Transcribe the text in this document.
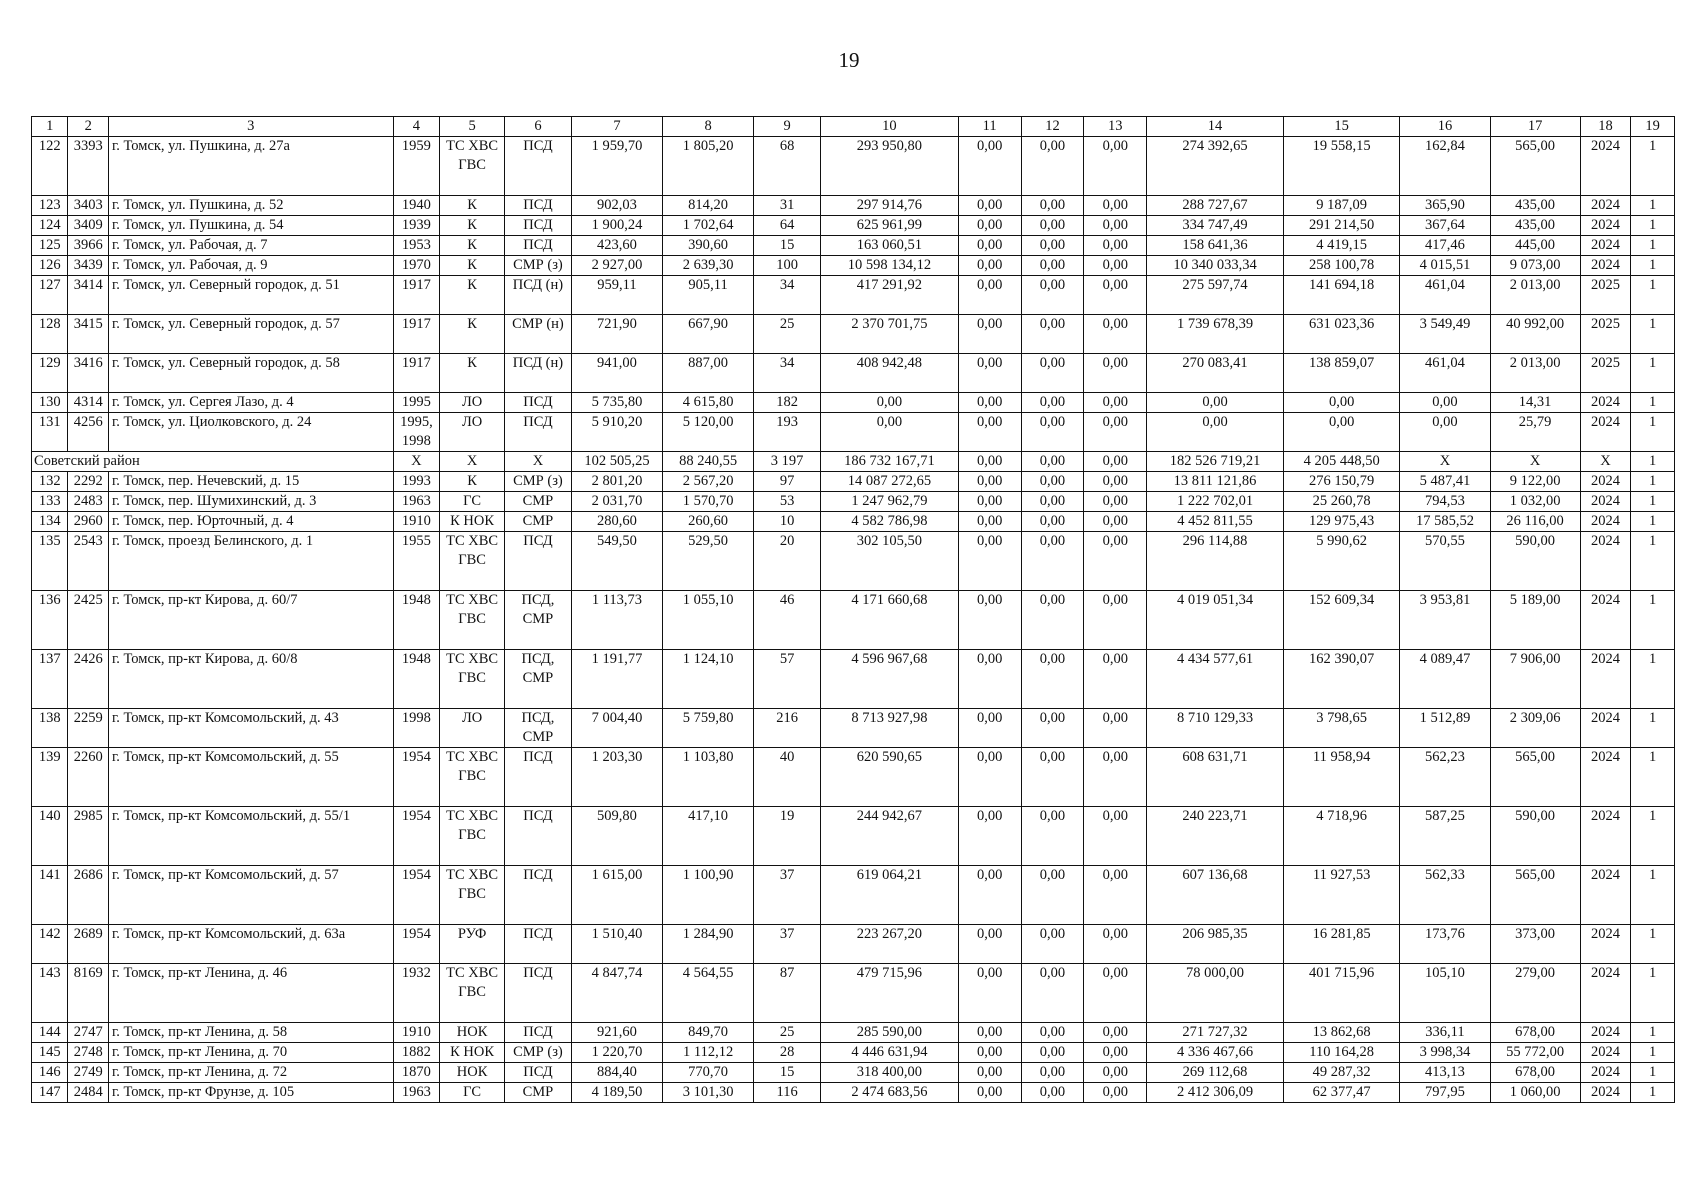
19
1	2	3	4	5	6	7	8	9	10	11	12	13	14	15	16	17	18	19
122	3393	г. Томск, ул. Пушкина, д. 27а	1959	ТС ХВС ГВС	ПСД	1 959,70	1 805,20	68	293 950,80	0,00	0,00	0,00	274 392,65	19 558,15	162,84	565,00	2024	1
123	3403	г. Томск, ул. Пушкина, д. 52	1940	К	ПСД	902,03	814,20	31	297 914,76	0,00	0,00	0,00	288 727,67	9 187,09	365,90	435,00	2024	1
124	3409	г. Томск, ул. Пушкина, д. 54	1939	К	ПСД	1 900,24	1 702,64	64	625 961,99	0,00	0,00	0,00	334 747,49	291 214,50	367,64	435,00	2024	1
125	3966	г. Томск, ул. Рабочая, д. 7	1953	К	ПСД	423,60	390,60	15	163 060,51	0,00	0,00	0,00	158 641,36	4 419,15	417,46	445,00	2024	1
126	3439	г. Томск, ул. Рабочая, д. 9	1970	К	СМР (з)	2 927,00	2 639,30	100	10 598 134,12	0,00	0,00	0,00	10 340 033,34	258 100,78	4 015,51	9 073,00	2024	1
127	3414	г. Томск, ул. Северный городок, д. 51	1917	К	ПСД (н)	959,11	905,11	34	417 291,92	0,00	0,00	0,00	275 597,74	141 694,18	461,04	2 013,00	2025	1
128	3415	г. Томск, ул. Северный городок, д. 57	1917	К	СМР (н)	721,90	667,90	25	2 370 701,75	0,00	0,00	0,00	1 739 678,39	631 023,36	3 549,49	40 992,00	2025	1
129	3416	г. Томск, ул. Северный городок, д. 58	1917	К	ПСД (н)	941,00	887,00	34	408 942,48	0,00	0,00	0,00	270 083,41	138 859,07	461,04	2 013,00	2025	1
130	4314	г. Томск, ул. Сергея Лазо, д. 4	1995	ЛО	ПСД	5 735,80	4 615,80	182	0,00	0,00	0,00	0,00	0,00	0,00	0,00	14,31	2024	1
131	4256	г. Томск, ул. Циолковского, д. 24	1995, 1998	ЛО	ПСД	5 910,20	5 120,00	193	0,00	0,00	0,00	0,00	0,00	0,00	0,00	25,79	2024	1
Советский район			Х	Х	Х	102 505,25	88 240,55	3 197	186 732 167,71	0,00	0,00	0,00	182 526 719,21	4 205 448,50	Х	Х	Х	1
132	2292	г. Томск, пер. Нечевский, д. 15	1993	К	СМР (з)	2 801,20	2 567,20	97	14 087 272,65	0,00	0,00	0,00	13 811 121,86	276 150,79	5 487,41	9 122,00	2024	1
133	2483	г. Томск, пер. Шумихинский, д. 3	1963	ГС	СМР	2 031,70	1 570,70	53	1 247 962,79	0,00	0,00	0,00	1 222 702,01	25 260,78	794,53	1 032,00	2024	1
134	2960	г. Томск, пер. Юрточный, д. 4	1910	К НОК	СМР	280,60	260,60	10	4 582 786,98	0,00	0,00	0,00	4 452 811,55	129 975,43	17 585,52	26 116,00	2024	1
135	2543	г. Томск, проезд Белинского, д. 1	1955	ТС ХВС ГВС	ПСД	549,50	529,50	20	302 105,50	0,00	0,00	0,00	296 114,88	5 990,62	570,55	590,00	2024	1
136	2425	г. Томск, пр-кт Кирова, д. 60/7	1948	ТС ХВС ГВС	ПСД, СМР	1 113,73	1 055,10	46	4 171 660,68	0,00	0,00	0,00	4 019 051,34	152 609,34	3 953,81	5 189,00	2024	1
137	2426	г. Томск, пр-кт Кирова, д. 60/8	1948	ТС ХВС ГВС	ПСД, СМР	1 191,77	1 124,10	57	4 596 967,68	0,00	0,00	0,00	4 434 577,61	162 390,07	4 089,47	7 906,00	2024	1
138	2259	г. Томск, пр-кт Комсомольский, д. 43	1998	ЛО	ПСД, СМР	7 004,40	5 759,80	216	8 713 927,98	0,00	0,00	0,00	8 710 129,33	3 798,65	1 512,89	2 309,06	2024	1
139	2260	г. Томск, пр-кт Комсомольский, д. 55	1954	ТС ХВС ГВС	ПСД	1 203,30	1 103,80	40	620 590,65	0,00	0,00	0,00	608 631,71	11 958,94	562,23	565,00	2024	1
140	2985	г. Томск, пр-кт Комсомольский, д. 55/1	1954	ТС ХВС ГВС	ПСД	509,80	417,10	19	244 942,67	0,00	0,00	0,00	240 223,71	4 718,96	587,25	590,00	2024	1
141	2686	г. Томск, пр-кт Комсомольский, д. 57	1954	ТС ХВС ГВС	ПСД	1 615,00	1 100,90	37	619 064,21	0,00	0,00	0,00	607 136,68	11 927,53	562,33	565,00	2024	1
142	2689	г. Томск, пр-кт Комсомольский, д. 63а	1954	РУФ	ПСД	1 510,40	1 284,90	37	223 267,20	0,00	0,00	0,00	206 985,35	16 281,85	173,76	373,00	2024	1
143	8169	г. Томск, пр-кт Ленина, д. 46	1932	ТС ХВС ГВС	ПСД	4 847,74	4 564,55	87	479 715,96	0,00	0,00	0,00	78 000,00	401 715,96	105,10	279,00	2024	1
144	2747	г. Томск, пр-кт Ленина, д. 58	1910	НОК	ПСД	921,60	849,70	25	285 590,00	0,00	0,00	0,00	271 727,32	13 862,68	336,11	678,00	2024	1
145	2748	г. Томск, пр-кт Ленина, д. 70	1882	К НОК	СМР (з)	1 220,70	1 112,12	28	4 446 631,94	0,00	0,00	0,00	4 336 467,66	110 164,28	3 998,34	55 772,00	2024	1
146	2749	г. Томск, пр-кт Ленина, д. 72	1870	НОК	ПСД	884,40	770,70	15	318 400,00	0,00	0,00	0,00	269 112,68	49 287,32	413,13	678,00	2024	1
147	2484	г. Томск, пр-кт Фрунзе, д. 105	1963	ГС	СМР	4 189,50	3 101,30	116	2 474 683,56	0,00	0,00	0,00	2 412 306,09	62 377,47	797,95	1 060,00	2024	1
